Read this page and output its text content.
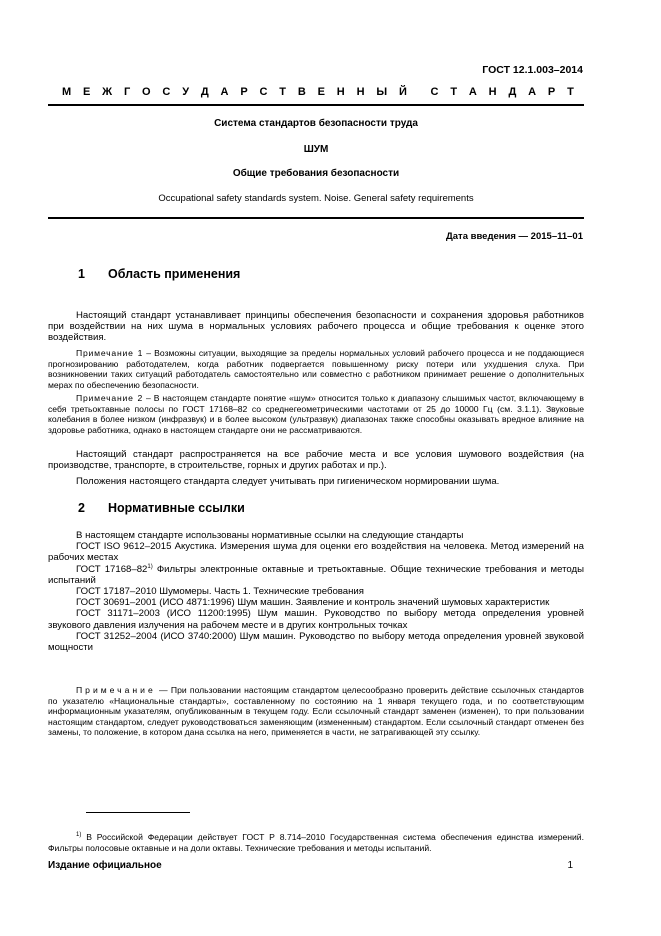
ГОСТ 12.1.003–2014
М Е Ж Г О С У Д А Р С Т В Е Н Н Ы Й С Т А Н Д А Р Т
Система стандартов безопасности труда
ШУМ
Общие требования безопасности
Occupational safety standards system. Noise. General safety requirements
Дата введения — 2015–11–01
1 Область применения

Настоящий стандарт устанавливает принципы обеспечения безопасности и сохранения здоровья работников при воздействии на них шума в нормальных условиях рабочего процесса и общие требования к оценке этого воздействия.

Примечание 1 – Возможны ситуации, выходящие за пределы нормальных условий рабочего процесса и не поддающиеся прогнозированию работодателем, когда работник подвергается повышенному риску потери или ухудшения слуха. При возникновении таких ситуаций работодатель самостоятельно или совместно с работником принимает решение о дополнительных мерах по обеспечению безопасности.

Примечание 2 – В настоящем стандарте понятие «шум» относится только к диапазону слышимых частот, включающему в себя третьоктавные полосы по ГОСТ 17168–82 со среднегеометрическими частотами от 25 до 10000 Гц (см. 3.1.1). Звуковые колебания в более низком (инфразвук) и в более высоком (ультразвук) диапазонах также способны оказывать вредное влияние на здоровье работника, однако в настоящем стандарте они не рассматриваются.

Настоящий стандарт распространяется на все рабочие места и все условия шумового воздействия (на производстве, транспорте, в строительстве, горных и других работах и пр.).

Положения настоящего стандарта следует учитывать при гигиеническом нормировании шума.

2 Нормативные ссылки

В настоящем стандарте использованы нормативные ссылки на следующие стандарты

ГОСТ ISO 9612–2015 Акустика. Измерения шума для оценки его воздействия на человека. Метод измерений на рабочих местах

ГОСТ 17168–82$^{1)}$ Фильтры электронные октавные и третьоктавные. Общие технические требования и методы испытаний

ГОСТ 17187–2010 Шумомеры. Часть 1. Технические требования

ГОСТ 30691–2001 (ИСО 4871:1996) Шум машин. Заявление и контроль значений шумовых характеристик

ГОСТ 31171–2003 (ИСО 11200:1995) Шум машин. Руководство по выбору метода определения уровней звукового давления излучения на рабочем месте и в других контрольных точках

ГОСТ 31252–2004 (ИСО 3740:2000) Шум машин. Руководство по выбору метода определения уровней звуковой мощности

Примечание — При пользовании настоящим стандартом целесообразно проверить действие ссылочных стандартов по указателю «Национальные стандарты», составленному по состоянию на 1 января текущего года, и по соответствующим информационным указателям, опубликованным в текущем году. Если ссылочный стандарт заменен (изменен), то при пользовании настоящим стандартом, следует руководствоваться заменяющим (измененным) стандартом. Если ссылочный стандарт отменен без замены, то положение, в котором дана ссылка на него, применяется в части, не затрагивающей эту ссылку.

$^{1)}$ В Российской Федерации действует ГОСТ Р 8.714–2010 Государственная система обеспечения единства измерений. Фильтры полосовые октавные и на доли октавы. Технические требования и методы испытаний.

Издание официальное	1
